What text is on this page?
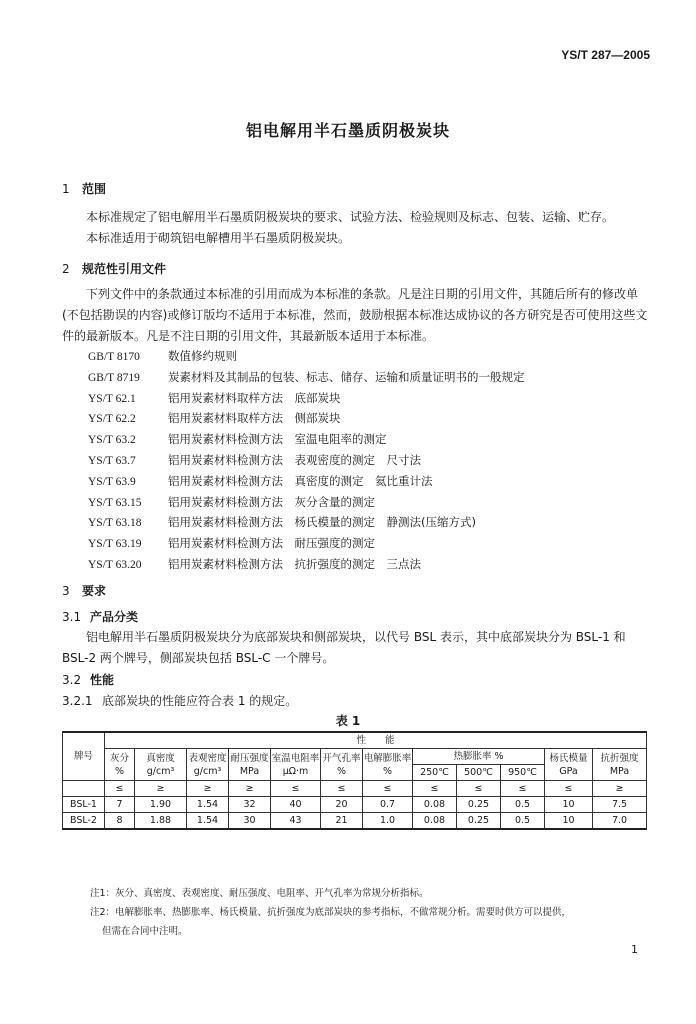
YS/T 287—2005
铝电解用半石墨质阴极炭块
1 范围

本标准规定了铝电解用半石墨质阴极炭块的要求、试验方法、检验规则及标志、包装、运输、贮存。

本标准适用于砌筑铝电解槽用半石墨质阴极炭块。

2 规范性引用文件

下列文件中的条款通过本标准的引用而成为本标准的条款。凡是注日期的引用文件，其随后所有的修改单(不包括勘误的内容)或修订版均不适用于本标准，然而，鼓励根据本标准达成协议的各方研究是否可使用这些文件的最新版本。凡是不注日期的引用文件，其最新版本适用于本标准。

GB/T 8170 数值修约规则
GB/T 8719 炭素材料及其制品的包装、标志、储存、运输和质量证明书的一般规定
YS/T 62.1	铝用炭素材料取样方法　底部炭块
YS/T 62.2	铝用炭素材料取样方法　侧部炭块
YS/T 63.2	铝用炭素材料检测方法　室温电阻率的测定
YS/T 63.7	铝用炭素材料检测方法　表观密度的测定　尺寸法
YS/T 63.9	铝用炭素材料检测方法　真密度的测定　氦比重计法
YS/T 63.15 铝用炭素材料检测方法　灰分含量的测定
YS/T 63.18 铝用炭素材料检测方法　杨氏模量的测定　静测法(压缩方式)
YS/T 63.19 铝用炭素材料检测方法　耐压强度的测定
YS/T 63.20 铝用炭素材料检测方法　抗折强度的测定　三点法
3 要求
3.1 产品分类

铝电解用半石墨质阴极炭块分为底部炭块和侧部炭块，以代号 BSL 表示，其中底部炭块分为 BSL-1 和 BSL-2 两个牌号，侧部炭块包括 BSL-C 一个牌号。

3.2 性能
3.2.1 底部炭块的性能应符合表 1 的规定。
表 1
牌号	性　　能											
	灰分 %	真密度 g/cm³	表观密度 g/cm³	耐压强度 MPa	室温电阻率 μΩ·m	开气孔率 %	电解膨胀率 %	热膨胀率 %			杨氏模量 GPa	抗折强度 MPa
								250℃	500℃	950℃		
	≤	≥	≥	≥	≤	≤	≤	≤	≤	≤	≤	≥
BSL-1	7	1.90	1.54	32	40	20	0.7	0.08	0.25	0.5	10	7.5
BSL-2	8	1.88	1.54	30	43	21	1.0	0.08	0.25	0.5	10	7.0
注1：灰分、真密度、表观密度、耐压强度、电阻率、开气孔率为常规分析指标。
注2：电解膨胀率、热膨胀率、杨氏模量、抗折强度为底部炭块的参考指标，不做常规分析。需要时供方可以提供，
但需在合同中注明。
1
